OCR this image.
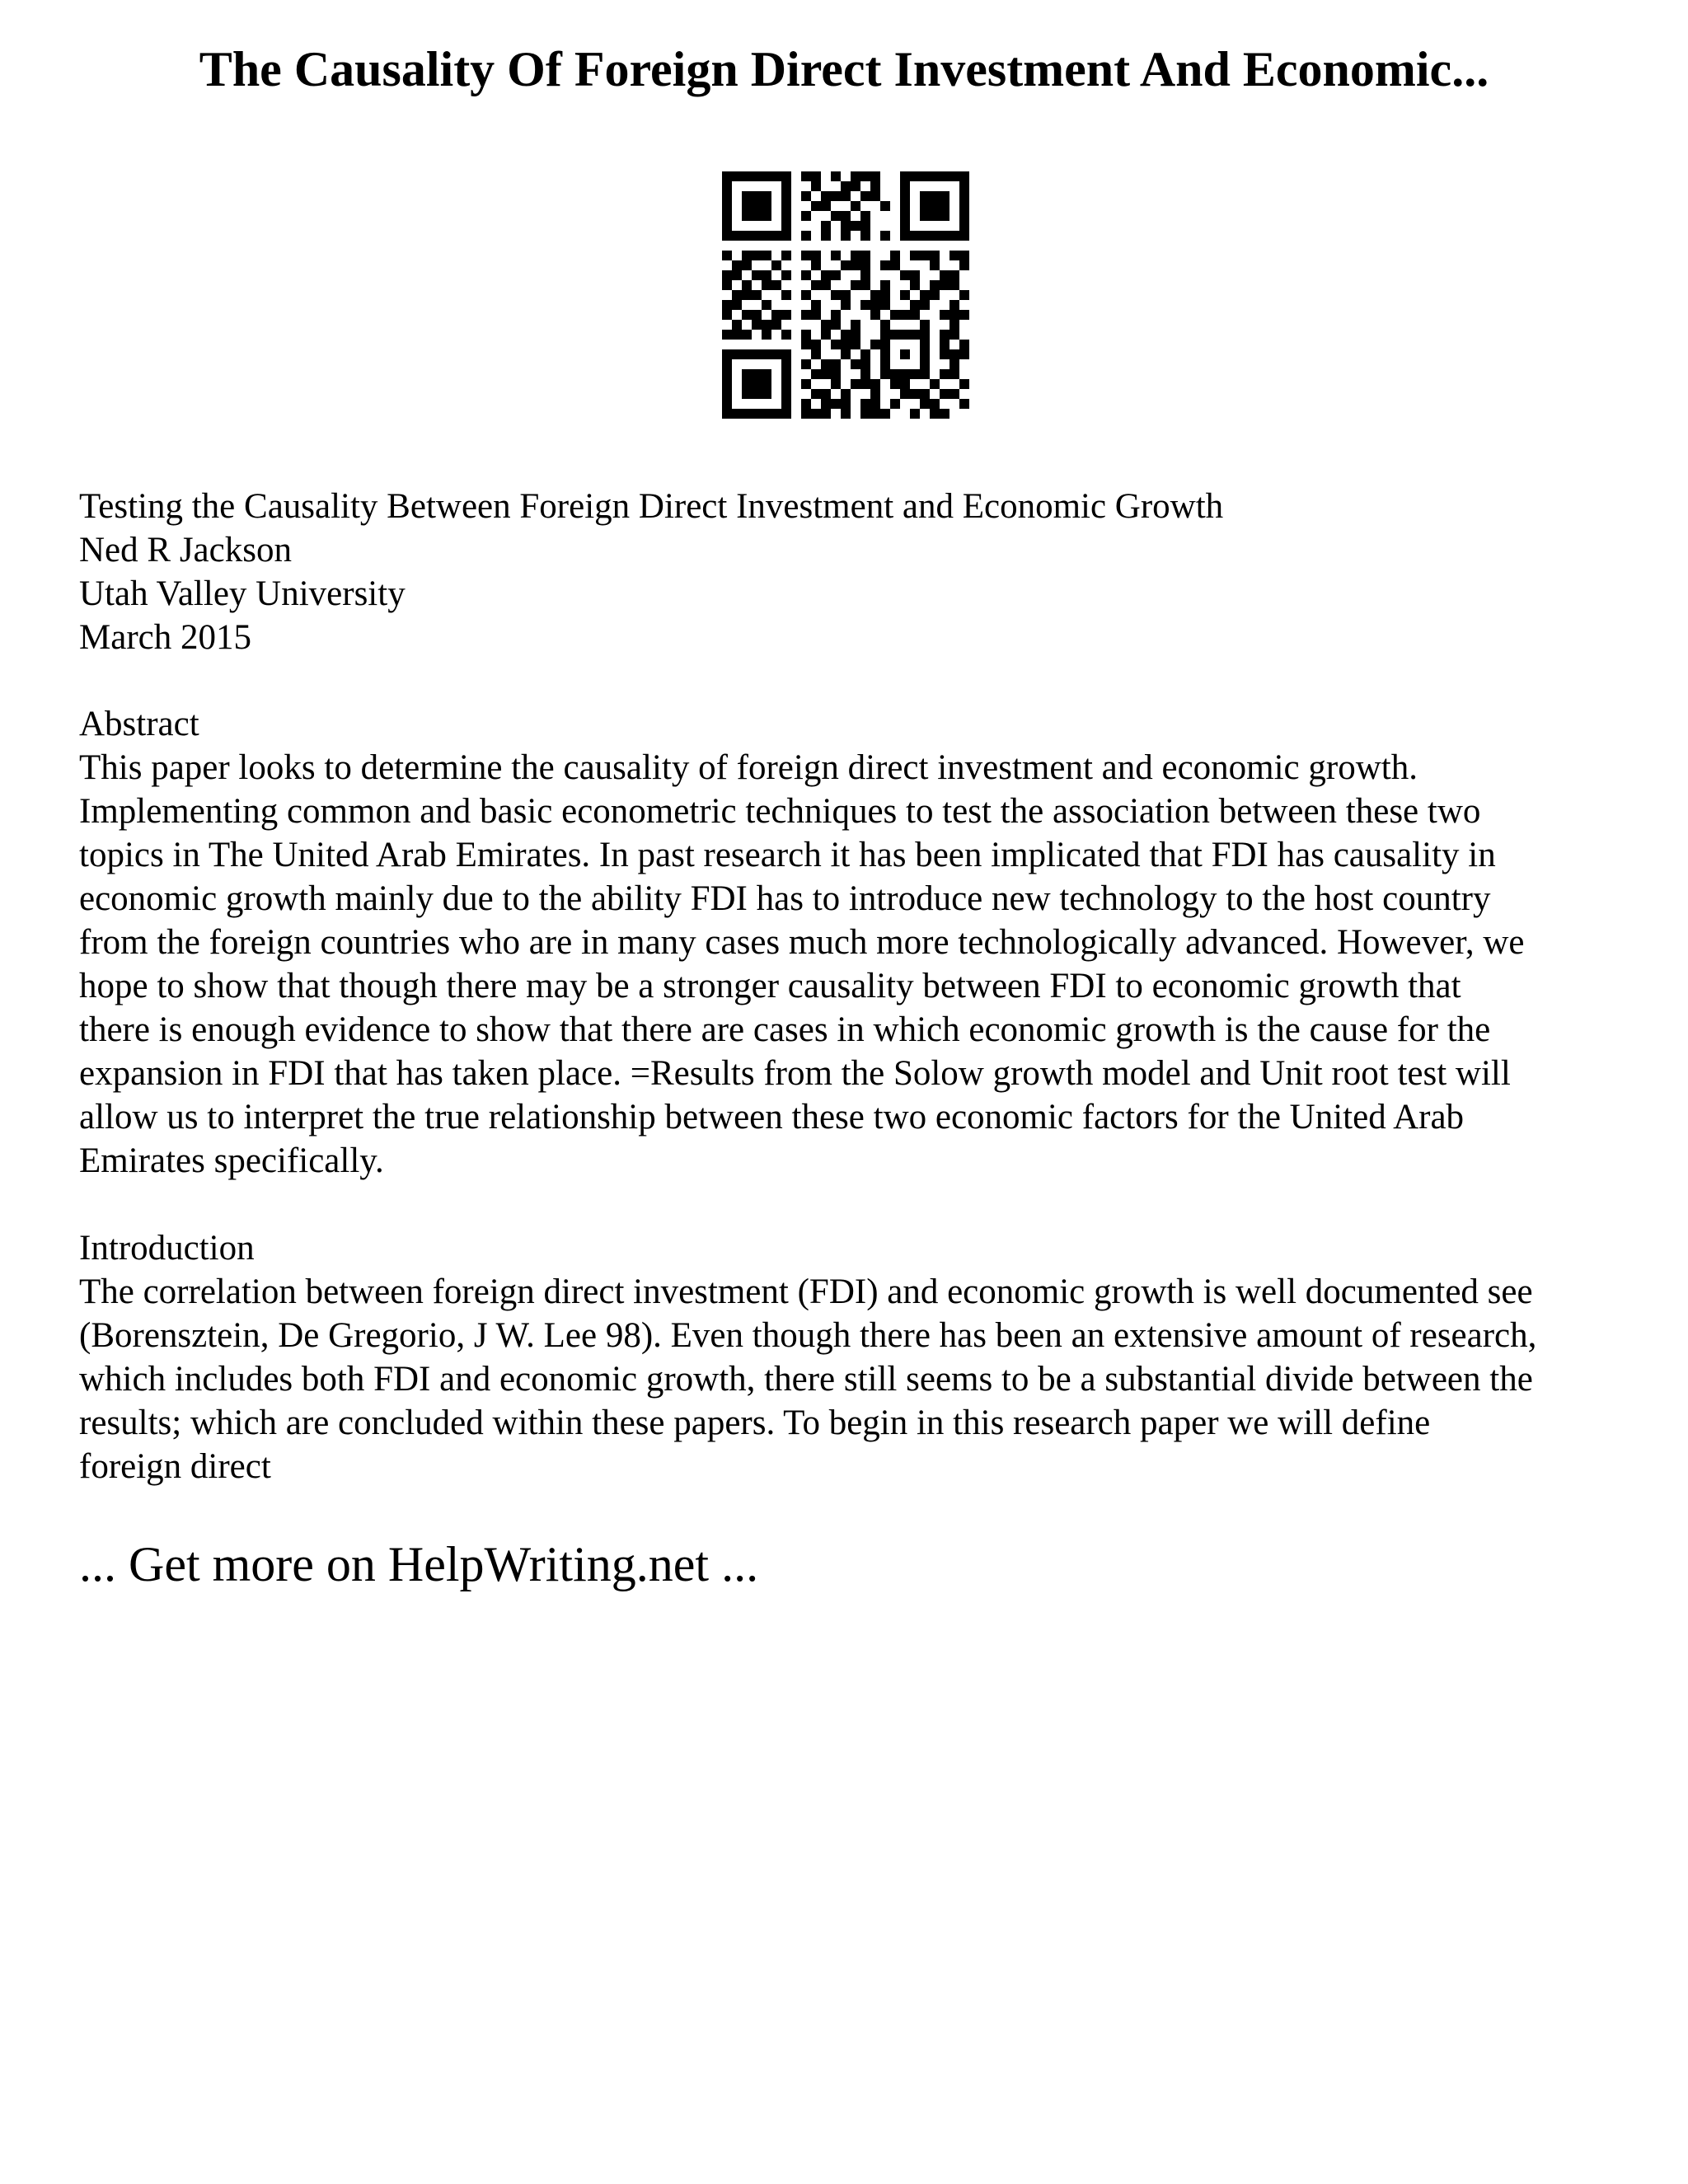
The Causality Of Foreign Direct Investment And Economic...
Testing the Causality Between Foreign Direct Investment and Economic Growth
Ned R Jackson
Utah Valley University
March 2015
Abstract
This paper looks to determine the causality of foreign direct investment and economic growth.
Implementing common and basic econometric techniques to test the association between these two
topics in The United Arab Emirates. In past research it has been implicated that FDI has causality in
economic growth mainly due to the ability FDI has to introduce new technology to the host country
from the foreign countries who are in many cases much more technologically advanced. However, we
hope to show that though there may be a stronger causality between FDI to economic growth that
there is enough evidence to show that there are cases in which economic growth is the cause for the
expansion in FDI that has taken place. =Results from the Solow growth model and Unit root test will
allow us to interpret the true relationship between these two economic factors for the United Arab
Emirates specifically.
Introduction
The correlation between foreign direct investment (FDI) and economic growth is well documented see
(Borensztein, De Gregorio, J W. Lee 98). Even though there has been an extensive amount of research,
which includes both FDI and economic growth, there still seems to be a substantial divide between the
results; which are concluded within these papers. To begin in this research paper we will define
foreign direct
... Get more on HelpWriting.net ...
